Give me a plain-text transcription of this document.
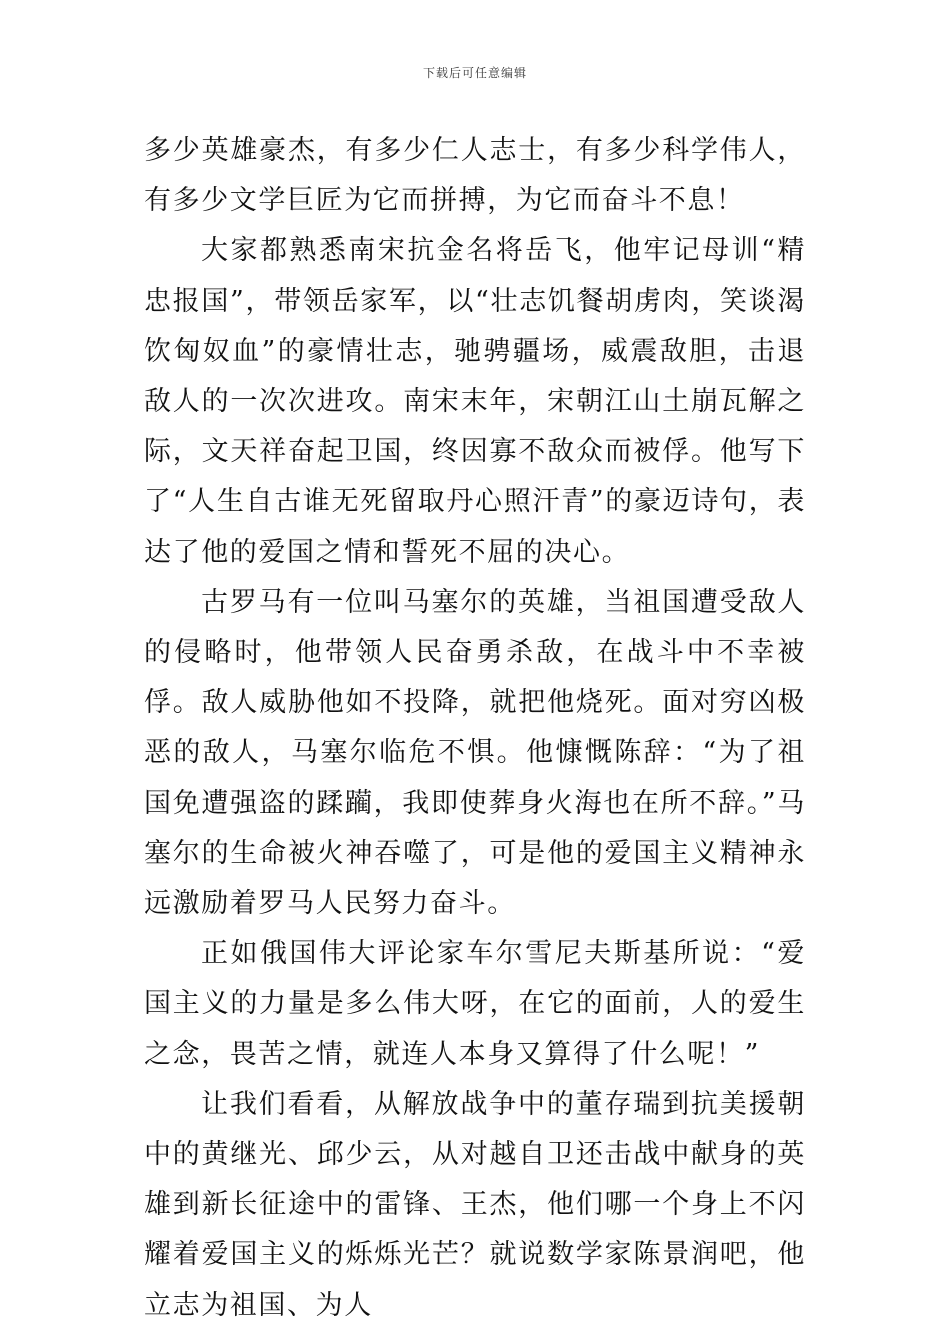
下载后可任意编辑

多少英雄豪杰，有多少仁人志士，有多少科学伟人，有多少文学巨匠为它而拼搏，为它而奋斗不息！

大家都熟悉南宋抗金名将岳飞，他牢记母训“精忠报国”，带领岳家军，以“壮志饥餐胡虏肉，笑谈渴饮匈奴血”的豪情壮志，驰骋疆场，威震敌胆，击退敌人的一次次进攻。南宋末年，宋朝江山土崩瓦解之际，文天祥奋起卫国，终因寡不敌众而被俘。他写下了“人生自古谁无死留取丹心照汗青”的豪迈诗句，表达了他的爱国之情和誓死不屈的决心。

古罗马有一位叫马塞尔的英雄，当祖国遭受敌人的侵略时，他带领人民奋勇杀敌，在战斗中不幸被俘。敌人威胁他如不投降，就把他烧死。面对穷凶极恶的敌人，马塞尔临危不惧。他慷慨陈辞：“为了祖国免遭强盗的蹂躏，我即使葬身火海也在所不辞。”马塞尔的生命被火神吞噬了，可是他的爱国主义精神永远激励着罗马人民努力奋斗。

正如俄国伟大评论家车尔雪尼夫斯基所说：“爱国主义的力量是多么伟大呀，在它的面前，人的爱生之念，畏苦之情，就连人本身又算得了什么呢！”

让我们看看，从解放战争中的董存瑞到抗美援朝中的黄继光、邱少云，从对越自卫还击战中献身的英雄到新长征途中的雷锋、王杰，他们哪一个身上不闪耀着爱国主义的烁烁光芒？就说数学家陈景润吧，他立志为祖国、为人
